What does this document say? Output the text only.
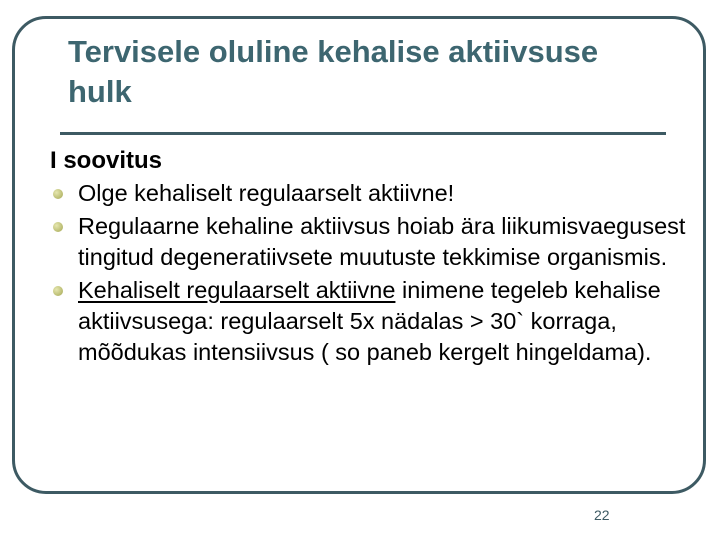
Tervisele oluline kehalise aktiivsuse hulk

I soovitus

Olge kehaliselt regulaarselt aktiivne!
Regulaarne kehaline aktiivsus hoiab ära liikumisvaegusest tingitud degeneratiivsete muutuste tekkimise organismis.
Kehaliselt regulaarselt aktiivne inimene tegeleb kehalise aktiivsusega: regulaarselt 5x nädalas > 30` korraga, mõõdukas intensiivsus ( so paneb kergelt hingeldama).
22
